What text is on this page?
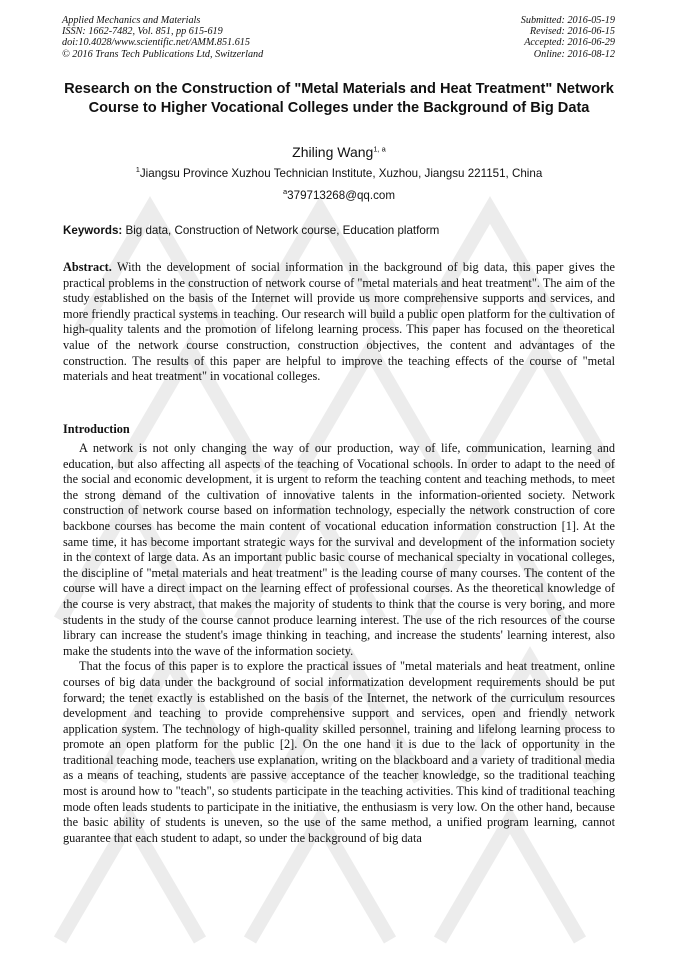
Applied Mechanics and Materials
ISSN: 1662-7482, Vol. 851, pp 615-619
doi:10.4028/www.scientific.net/AMM.851.615
© 2016 Trans Tech Publications Ltd, Switzerland
Submitted: 2016-05-19
Revised: 2016-06-15
Accepted: 2016-06-29
Online: 2016-08-12
Research on the Construction of "Metal Materials and Heat Treatment" Network Course to Higher Vocational Colleges under the Background of Big Data
Zhiling Wang$^{1, a}$
$^1$Jiangsu Province Xuzhou Technician Institute, Xuzhou, Jiangsu 221151, China
$^a$379713268@qq.com
Keywords: Big data, Construction of Network course, Education platform
Abstract. With the development of social information in the background of big data, this paper gives the practical problems in the construction of network course of "metal materials and heat treatment". The aim of the study established on the basis of the Internet will provide us more comprehensive supports and services, and more friendly practical systems in teaching. Our research will build a public open platform for the cultivation of high-quality talents and the promotion of lifelong learning process. This paper has focused on the theoretical value of the network course construction, construction objectives, the content and advantages of the construction. The results of this paper are helpful to improve the teaching effects of the course of "metal materials and heat treatment" in vocational colleges.
Introduction

A network is not only changing the way of our production, way of life, communication, learning and education, but also affecting all aspects of the teaching of Vocational schools. In order to adapt to the need of the social and economic development, it is urgent to reform the teaching content and teaching methods, to meet the strong demand of the cultivation of innovative talents in the information-oriented society. Network construction of network course based on information technology, especially the network construction of core backbone courses has become the main content of vocational education information construction [1]. At the same time, it has become important strategic ways for the survival and development of the information society in the context of large data. As an important public basic course of mechanical specialty in vocational colleges, the discipline of "metal materials and heat treatment" is the leading course of many courses. The content of the course will have a direct impact on the learning effect of professional courses. As the theoretical knowledge of the course is very abstract, that makes the majority of students to think that the course is very boring, and more students in the study of the course cannot produce learning interest. The use of the rich resources of the course library can increase the student's image thinking in teaching, and increase the students' learning interest, also make the students into the wave of the information society.

That the focus of this paper is to explore the practical issues of "metal materials and heat treatment, online courses of big data under the background of social informatization development requirements should be put forward; the tenet exactly is established on the basis of the Internet, the network of the curriculum resources development and teaching to provide comprehensive support and services, open and friendly network application system. The technology of high-quality skilled personnel, training and lifelong learning process to promote an open platform for the public [2]. On the one hand it is due to the lack of opportunity in the traditional teaching mode, teachers use explanation, writing on the blackboard and a variety of traditional media as a means of teaching, students are passive acceptance of the teacher knowledge, so the traditional teaching most is around how to "teach", so students participate in the teaching activities. This kind of traditional teaching mode often leads students to participate in the initiative, the enthusiasm is very low. On the other hand, because the basic ability of students is uneven, so the use of the same method, a unified program learning, cannot guarantee that each student to adapt, so under the background of big data
